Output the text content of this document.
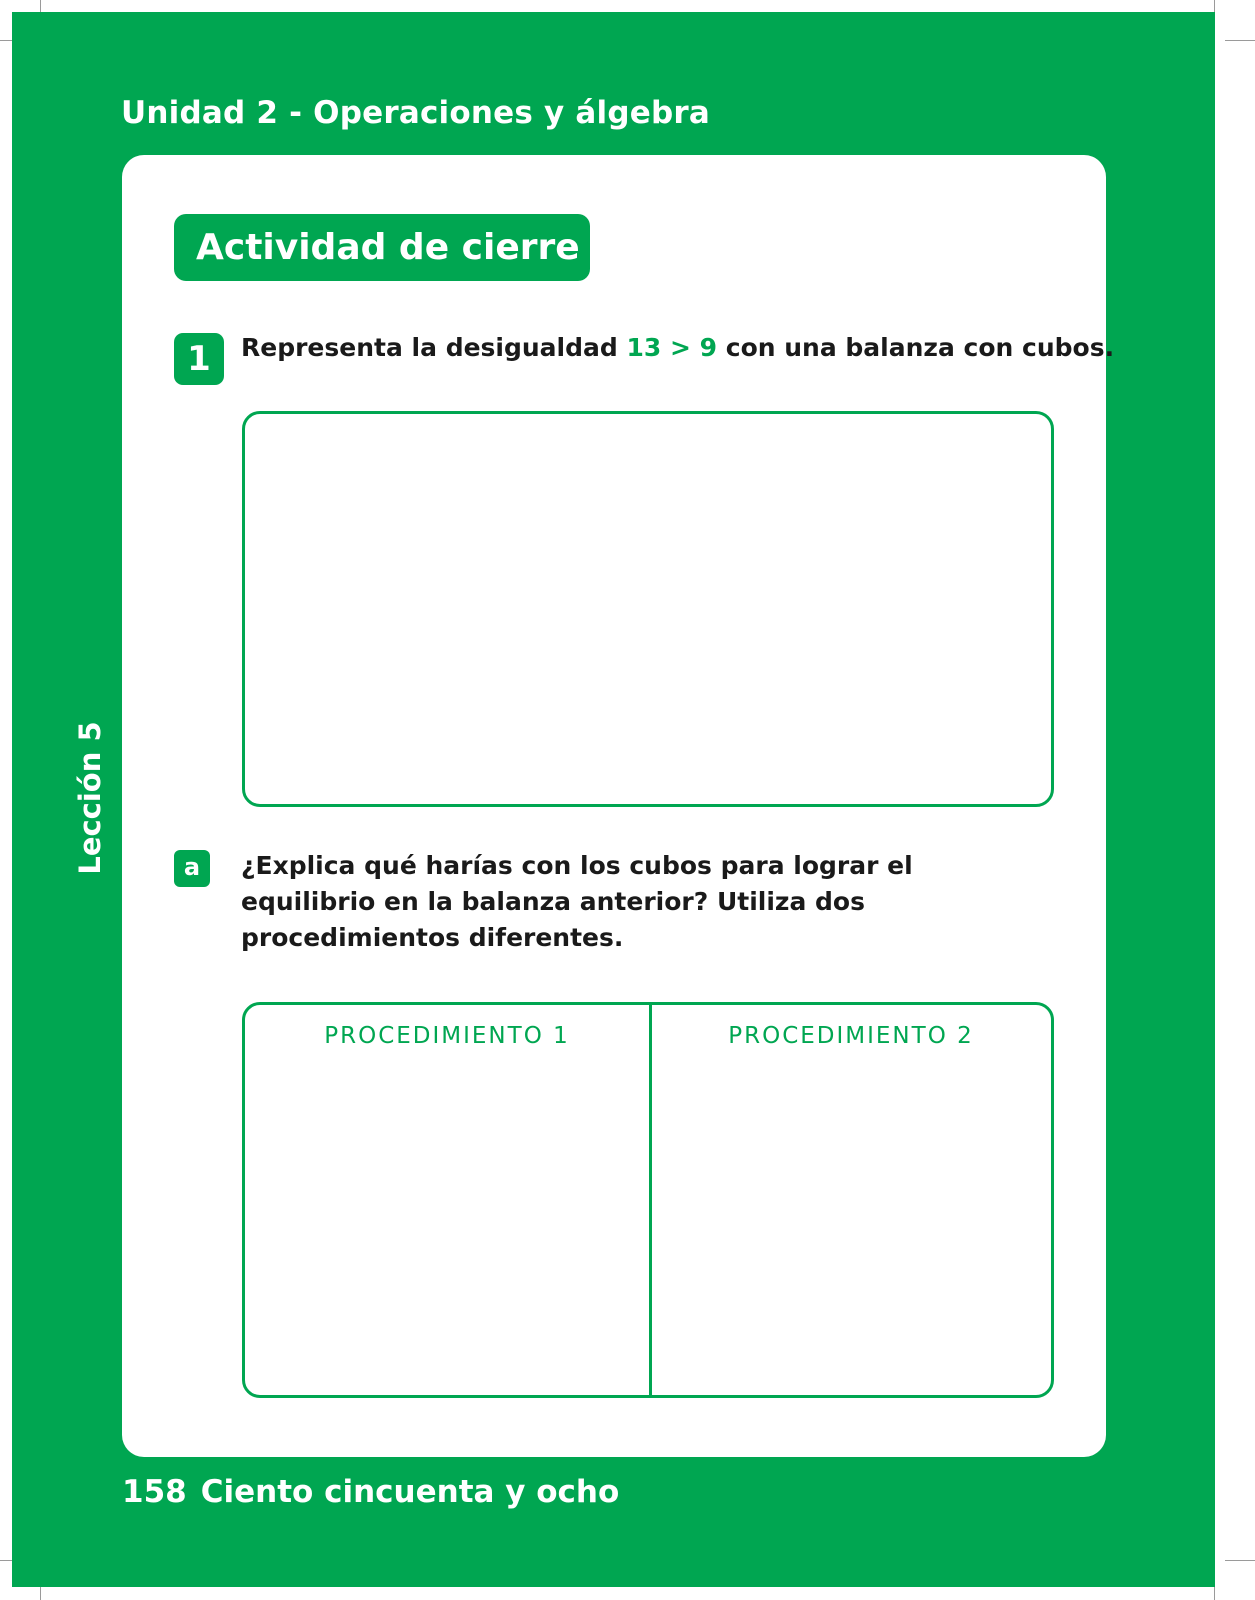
Unidad 2 - Operaciones y álgebra
Lección 5
Actividad de cierre
1	Representa la desigualdad 13 > 9 con una balanza con cubos.
a	¿Explica qué harías con los cubos para lograr el equilibrio en la balanza anterior? Utiliza dos procedimientos diferentes.
PROCEDIMIENTO 1	PROCEDIMIENTO 2
158 Ciento cincuenta y ocho
